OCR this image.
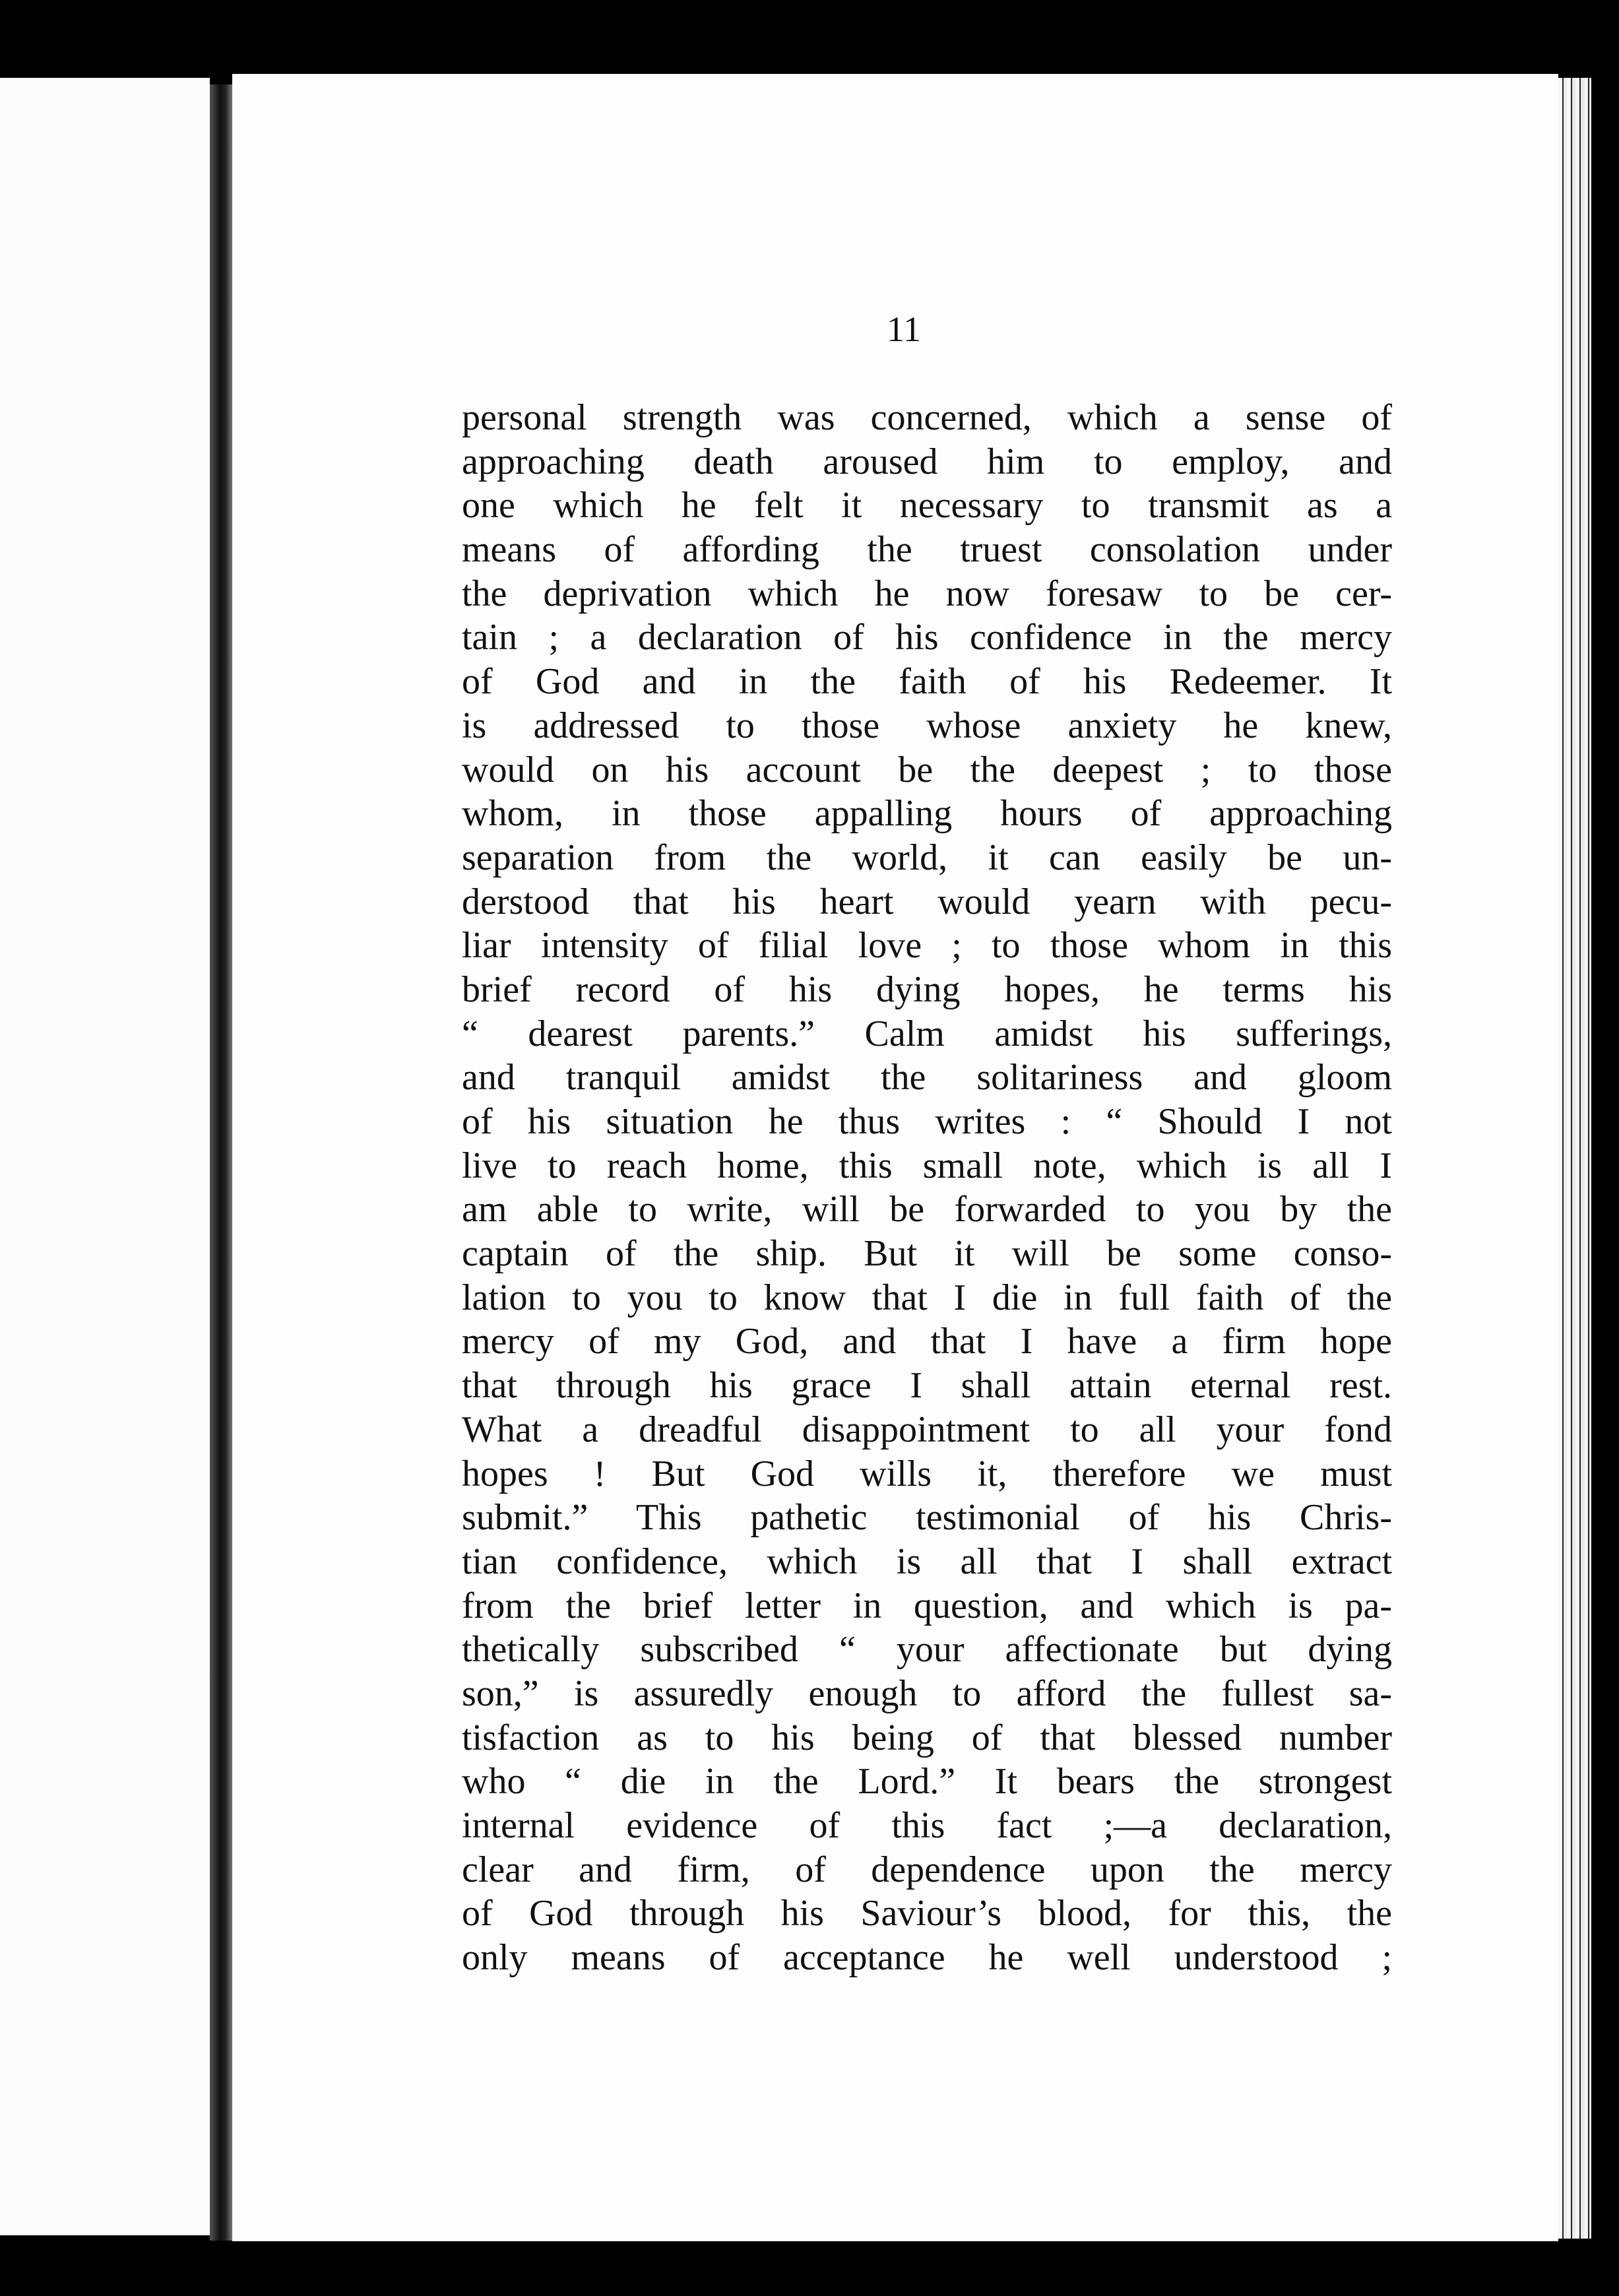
11
personal strength was concerned, which a sense of
approaching death aroused him to employ, and
one which he felt it necessary to transmit as a
means of affording the truest consolation under
the deprivation which he now foresaw to be cer-
tain ; a declaration of his confidence in the mercy
of God and in the faith of his Redeemer. It
is addressed to those whose anxiety he knew,
would on his account be the deepest ; to those
whom, in those appalling hours of approaching
separation from the world, it can easily be un-
derstood that his heart would yearn with pecu-
liar intensity of filial love ; to those whom in this
brief record of his dying hopes, he terms his
“ dearest parents.” Calm amidst his sufferings,
and tranquil amidst the solitariness and gloom
of his situation he thus writes : “ Should I not
live to reach home, this small note, which is all I
am able to write, will be forwarded to you by the
captain of the ship. But it will be some conso-
lation to you to know that I die in full faith of the
mercy of my God, and that I have a firm hope
that through his grace I shall attain eternal rest.
What a dreadful disappointment to all your fond
hopes ! But God wills it, therefore we must
submit.” This pathetic testimonial of his Chris-
tian confidence, which is all that I shall extract
from the brief letter in question, and which is pa-
thetically subscribed “ your affectionate but dying
son,” is assuredly enough to afford the fullest sa-
tisfaction as to his being of that blessed number
who “ die in the Lord.” It bears the strongest
internal evidence of this fact ;—a declaration,
clear and firm, of dependence upon the mercy
of God through his Saviour’s blood, for this, the
only means of acceptance he well understood ;
